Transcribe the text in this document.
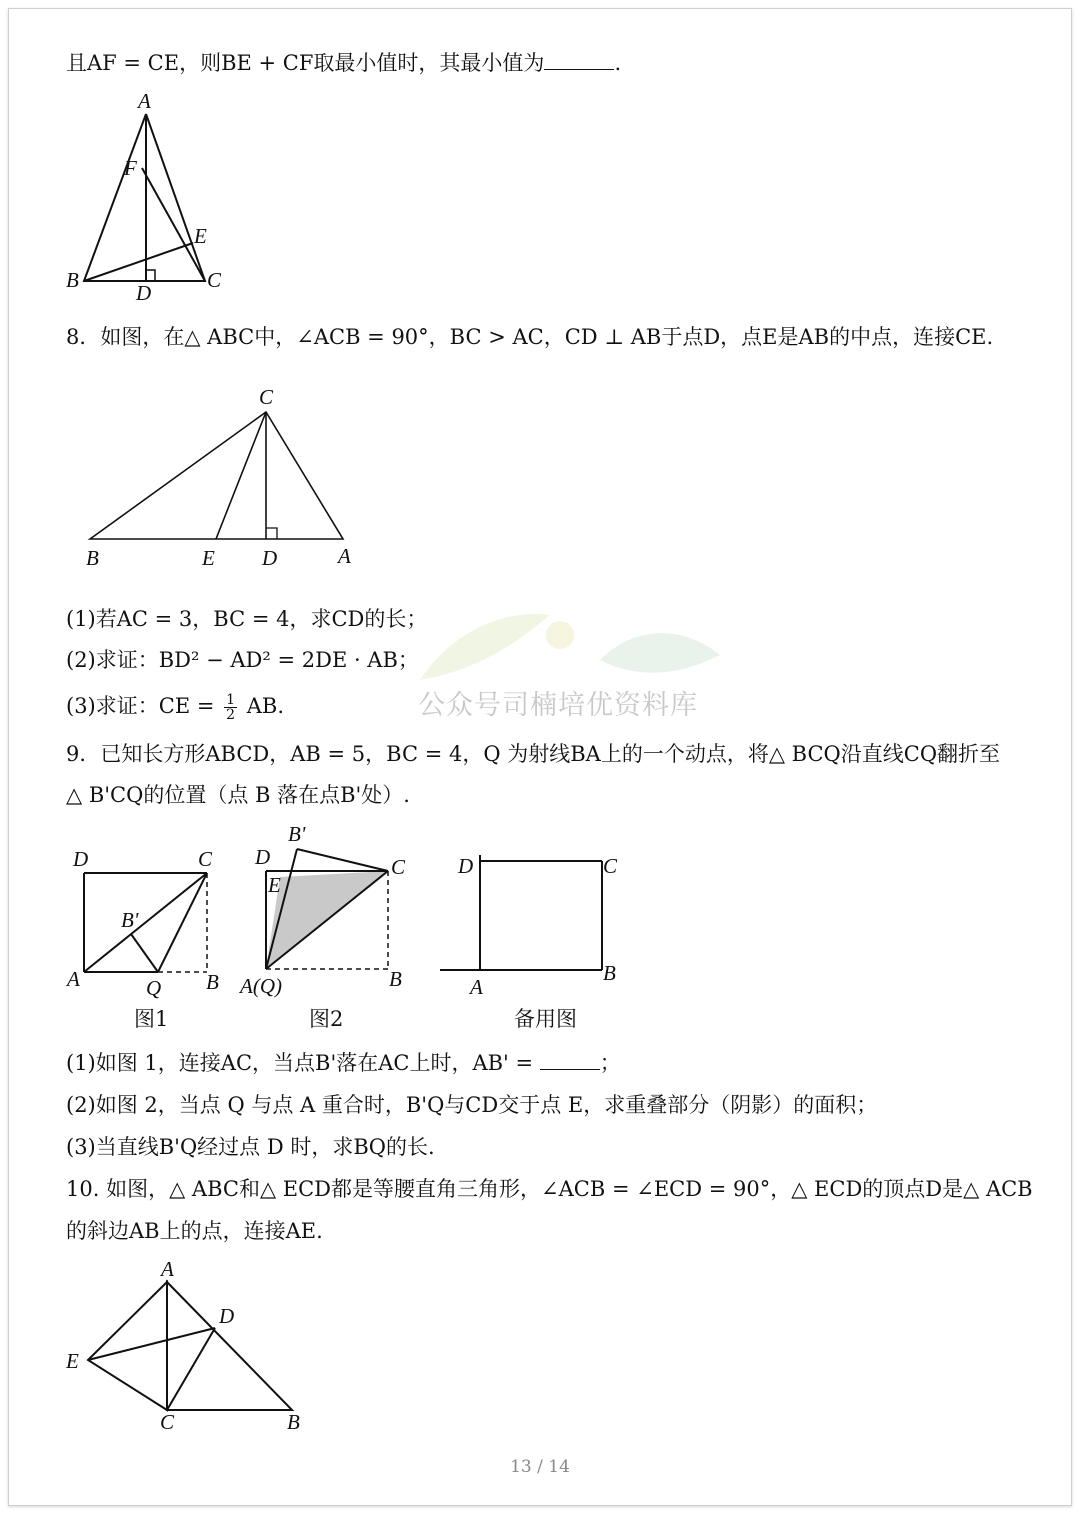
且AF = CE，则BE + CF取最小值时，其最小值为	.
A
F
E
B
D
C
8．如图，在△ ABC中，∠ACB = 90°，BC > AC，CD ⊥ AB于点D，点E是AB的中点，连接CE.
C
B	E D	A
(1)若AC = 3，BC = 4，求CD的长；
(2)求证：BD² − AD² = 2DE · AB；
(3)求证：CE = $\frac{1}{2}$ AB.	公众号司楠培优资料库
9．已知长方形ABCD，AB = 5，BC = 4，Q 为射线BA上的一个动点，将△ BCQ沿直线CQ翻折至
△ B'CQ的位置（点 B 落在点B'处）.
D	C
B'
A	Q B
图1
B'
D	C
E
A(Q)	B
图2
D	C
A
B
备用图
(1)如图 1，连接AC，当点B'落在AC上时，AB' =	；
(2)如图 2，当点 Q 与点 A 重合时，B'Q与CD交于点 E，求重叠部分（阴影）的面积；
(3)当直线B'Q经过点 D 时，求BQ的长.
10. 如图，△ ABC和△ ECD都是等腰直角三角形，∠ACB = ∠ECD = 90°，△ ECD的顶点D是△ ACB
的斜边AB上的点，连接AE.
A
D
E
C	B
13 / 14
